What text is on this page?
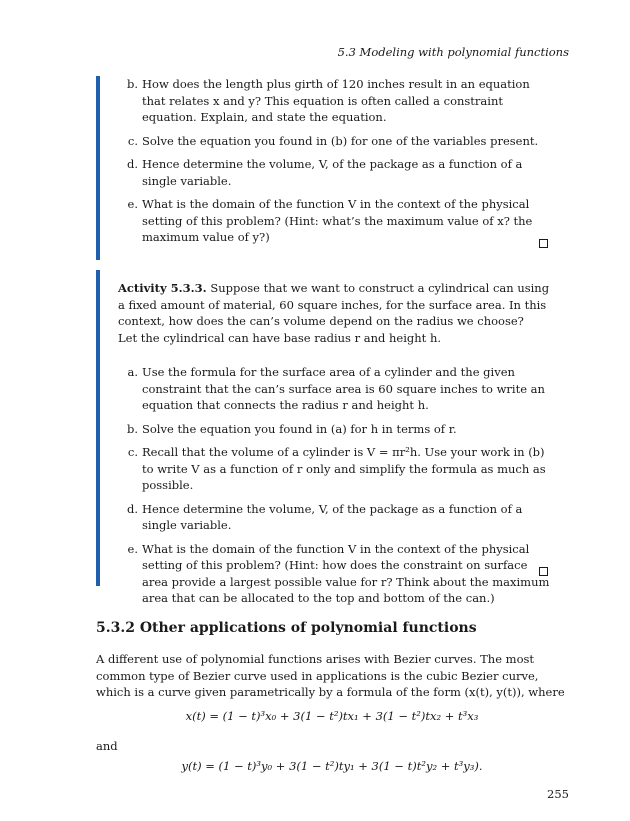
5.3 Modeling with polynomial functions
b. How does the length plus girth of 120 inches result in an equation that relates x and y? This equation is often called a constraint equation. Explain, and state the equation.
c. Solve the equation you found in (b) for one of the variables present.
d. Hence determine the volume, V, of the package as a function of a single variable.
e. What is the domain of the function V in the context of the physical setting of this problem? (Hint: what’s the maximum value of x? the maximum value of y?)
Activity 5.3.3. Suppose that we want to construct a cylindrical can using a fixed amount of material, 60 square inches, for the surface area. In this context, how does the can’s volume depend on the radius we choose?
Let the cylindrical can have base radius r and height h.
a. Use the formula for the surface area of a cylinder and the given constraint that the can’s surface area is 60 square inches to write an equation that connects the radius r and height h.
b. Solve the equation you found in (a) for h in terms of r.
c. Recall that the volume of a cylinder is V = πr²h. Use your work in (b) to write V as a function of r only and simplify the formula as much as possible.
d. Hence determine the volume, V, of the package as a function of a single variable.
e. What is the domain of the function V in the context of the physical setting of this problem? (Hint: how does the constraint on surface area provide a largest possible value for r? Think about the maximum area that can be allocated to the top and bottom of the can.)
5.3.2 Other applications of polynomial functions

A different use of polynomial functions arises with Bezier curves. The most common type of Bezier curve used in applications is the cubic Bezier curve, which is a curve given parametrically by a formula of the form (x(t), y(t)), where

x(t) = (1 − t)³x₀ + 3(1 − t²)tx₁ + 3(1 − t²)tx₂ + t³x₃
and
y(t) = (1 − t)³y₀ + 3(1 − t²)ty₁ + 3(1 − t)t²y₂ + t³y₃).
255
